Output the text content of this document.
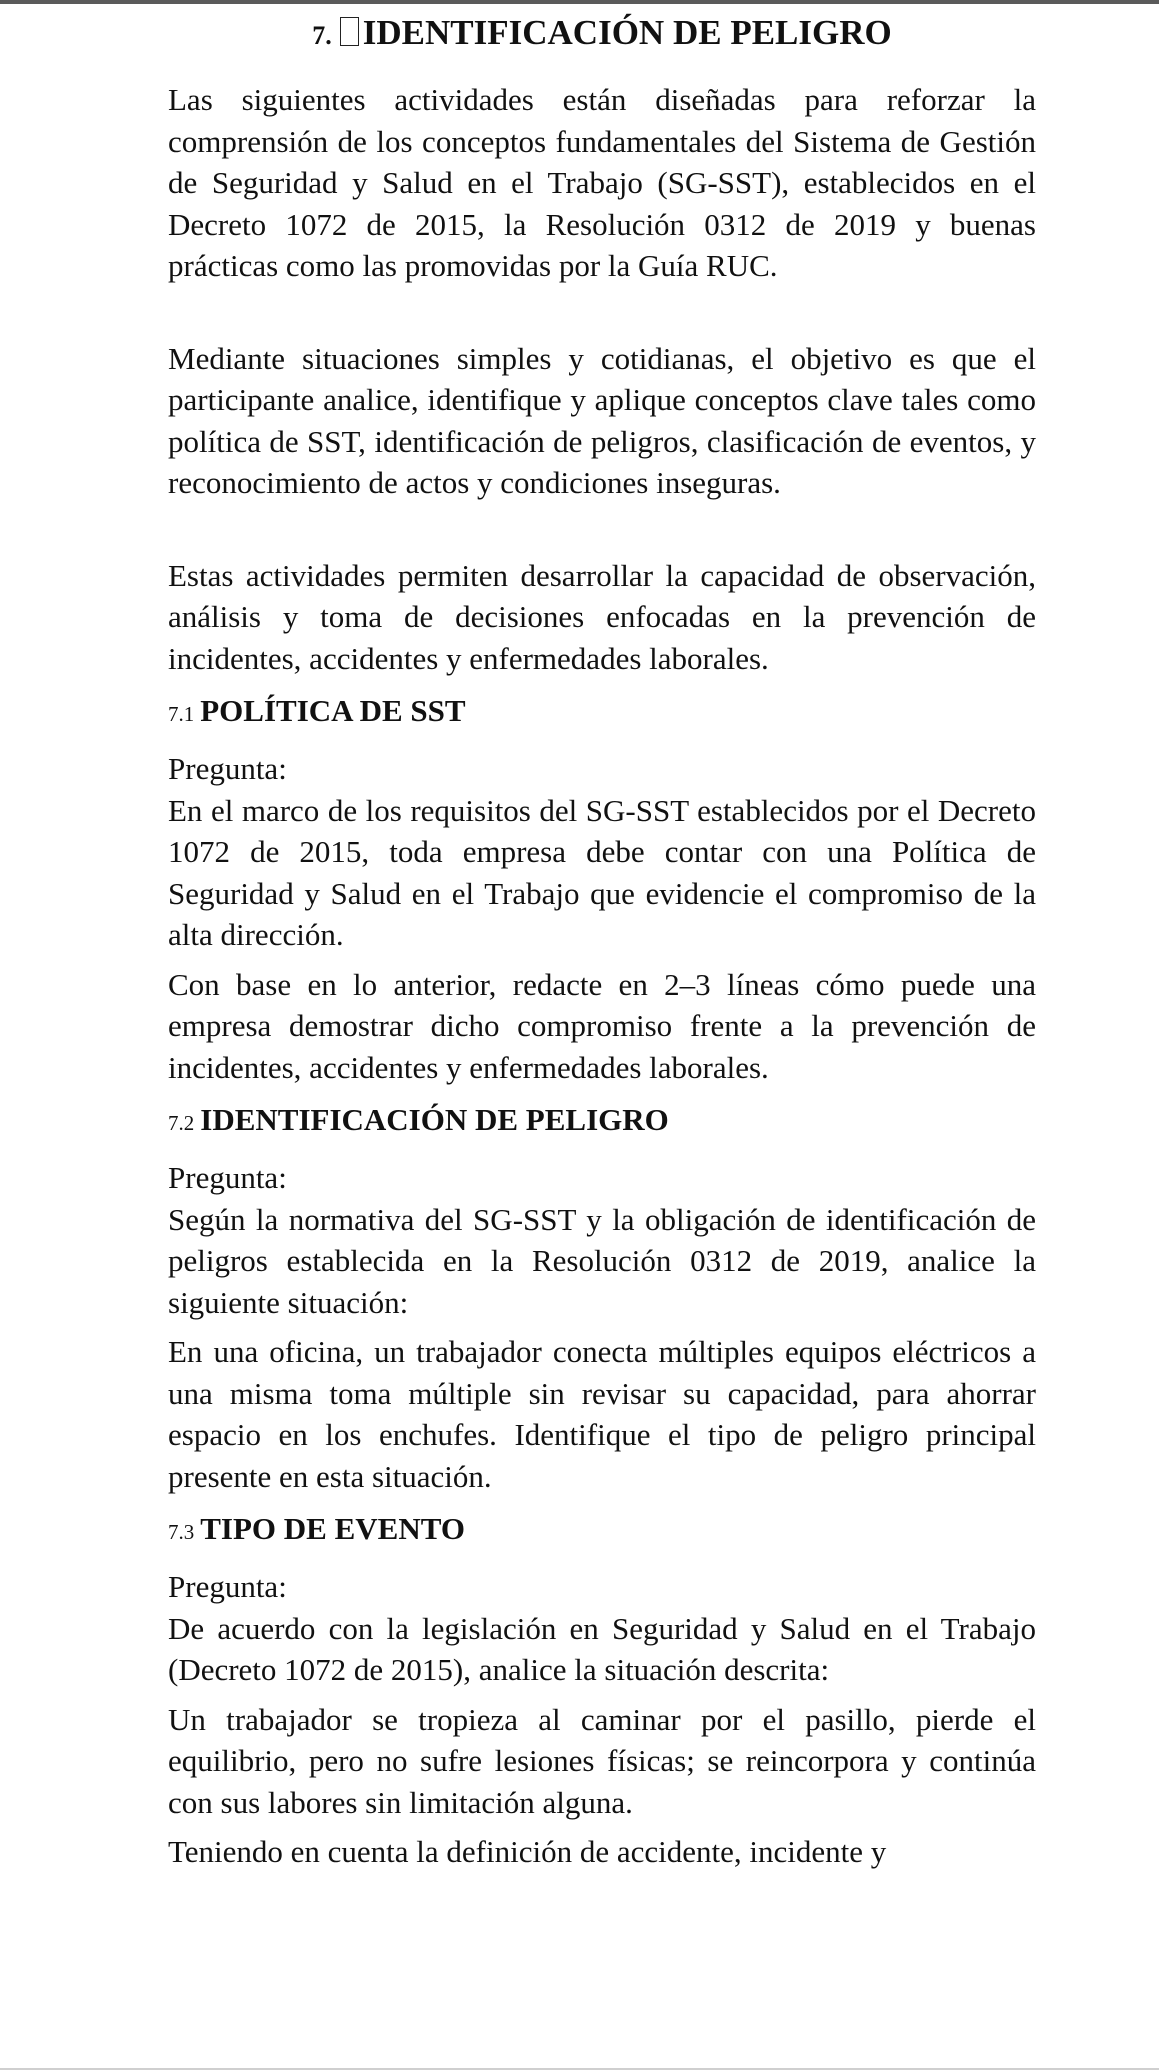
7. IDENTIFICACIÓN DE PELIGRO

Las siguientes actividades están diseñadas para reforzar la comprensión de los conceptos fundamentales del Sistema de Gestión de Seguridad y Salud en el Trabajo (SG-SST), establecidos en el Decreto 1072 de 2015, la Resolución 0312 de 2019 y buenas prácticas como las promovidas por la Guía RUC.

Mediante situaciones simples y cotidianas, el objetivo es que el participante analice, identifique y aplique conceptos clave tales como política de SST, identificación de peligros, clasificación de eventos, y reconocimiento de actos y condiciones inseguras.

Estas actividades permiten desarrollar la capacidad de observación, análisis y toma de decisiones enfocadas en la prevención de incidentes, accidentes y enfermedades laborales.

7.1 POLÍTICA DE SST

Pregunta:

En el marco de los requisitos del SG-SST establecidos por el Decreto 1072 de 2015, toda empresa debe contar con una Política de Seguridad y Salud en el Trabajo que evidencie el compromiso de la alta dirección.

Con base en lo anterior, redacte en 2–3 líneas cómo puede una empresa demostrar dicho compromiso frente a la prevención de incidentes, accidentes y enfermedades laborales.

7.2 IDENTIFICACIÓN DE PELIGRO

Pregunta:

Según la normativa del SG-SST y la obligación de identificación de peligros establecida en la Resolución 0312 de 2019, analice la siguiente situación:

En una oficina, un trabajador conecta múltiples equipos eléctricos a una misma toma múltiple sin revisar su capacidad, para ahorrar espacio en los enchufes. Identifique el tipo de peligro principal presente en esta situación.

7.3 TIPO DE EVENTO

Pregunta:

De acuerdo con la legislación en Seguridad y Salud en el Trabajo (Decreto 1072 de 2015), analice la situación descrita:

Un trabajador se tropieza al caminar por el pasillo, pierde el equilibrio, pero no sufre lesiones físicas; se reincorpora y continúa con sus labores sin limitación alguna.

Teniendo en cuenta la definición de accidente, incidente y
